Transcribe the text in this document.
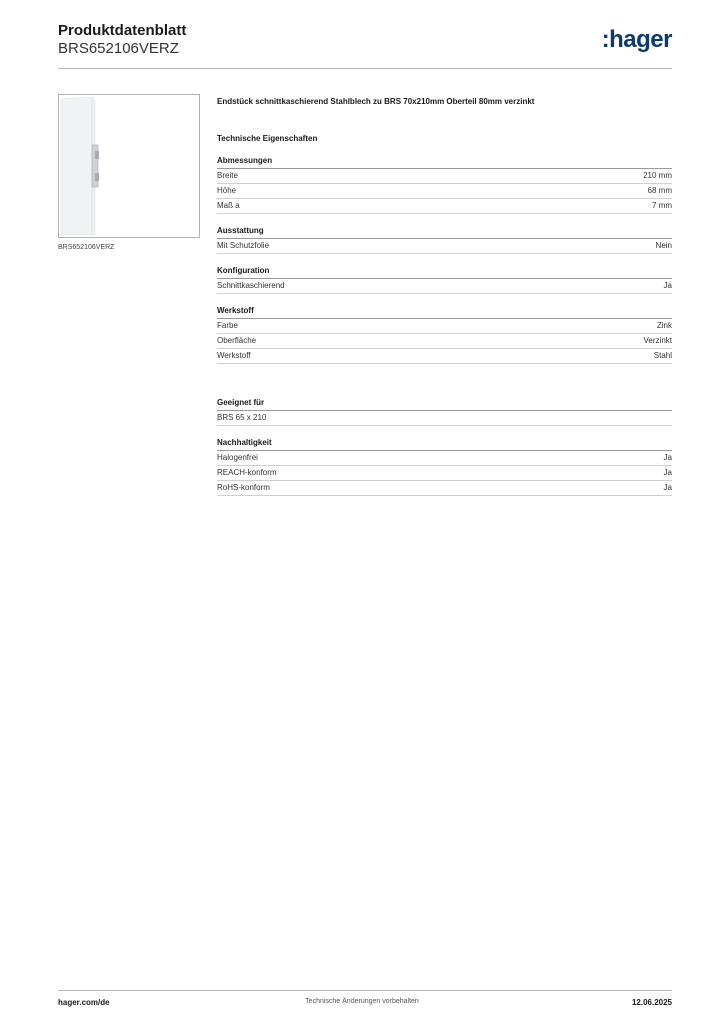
Produktdatenblatt
BRS652106VERZ	:hager
BRS652106VERZ
Endstück schnittkaschierend Stahlblech zu BRS 70x210mm Oberteil 80mm verzinkt
Technische Eigenschaften
Abmessungen
Breite	210 mm
Höhe	68 mm
Maß a	7 mm
Ausstattung
Mit Schutzfolie	Nein
Konfiguration
Schnittkaschierend	Ja
Werkstoff
Farbe	Zink
Oberfläche	Verzinkt
Werkstoff	Stahl
Geeignet für
BRS 65 x 210
Nachhaltigkeit
Halogenfrei	Ja
REACH-konform	Ja
RoHS-konform	Ja
hager.com/de	Technische Änderungen vorbehalten	12.06.2025
